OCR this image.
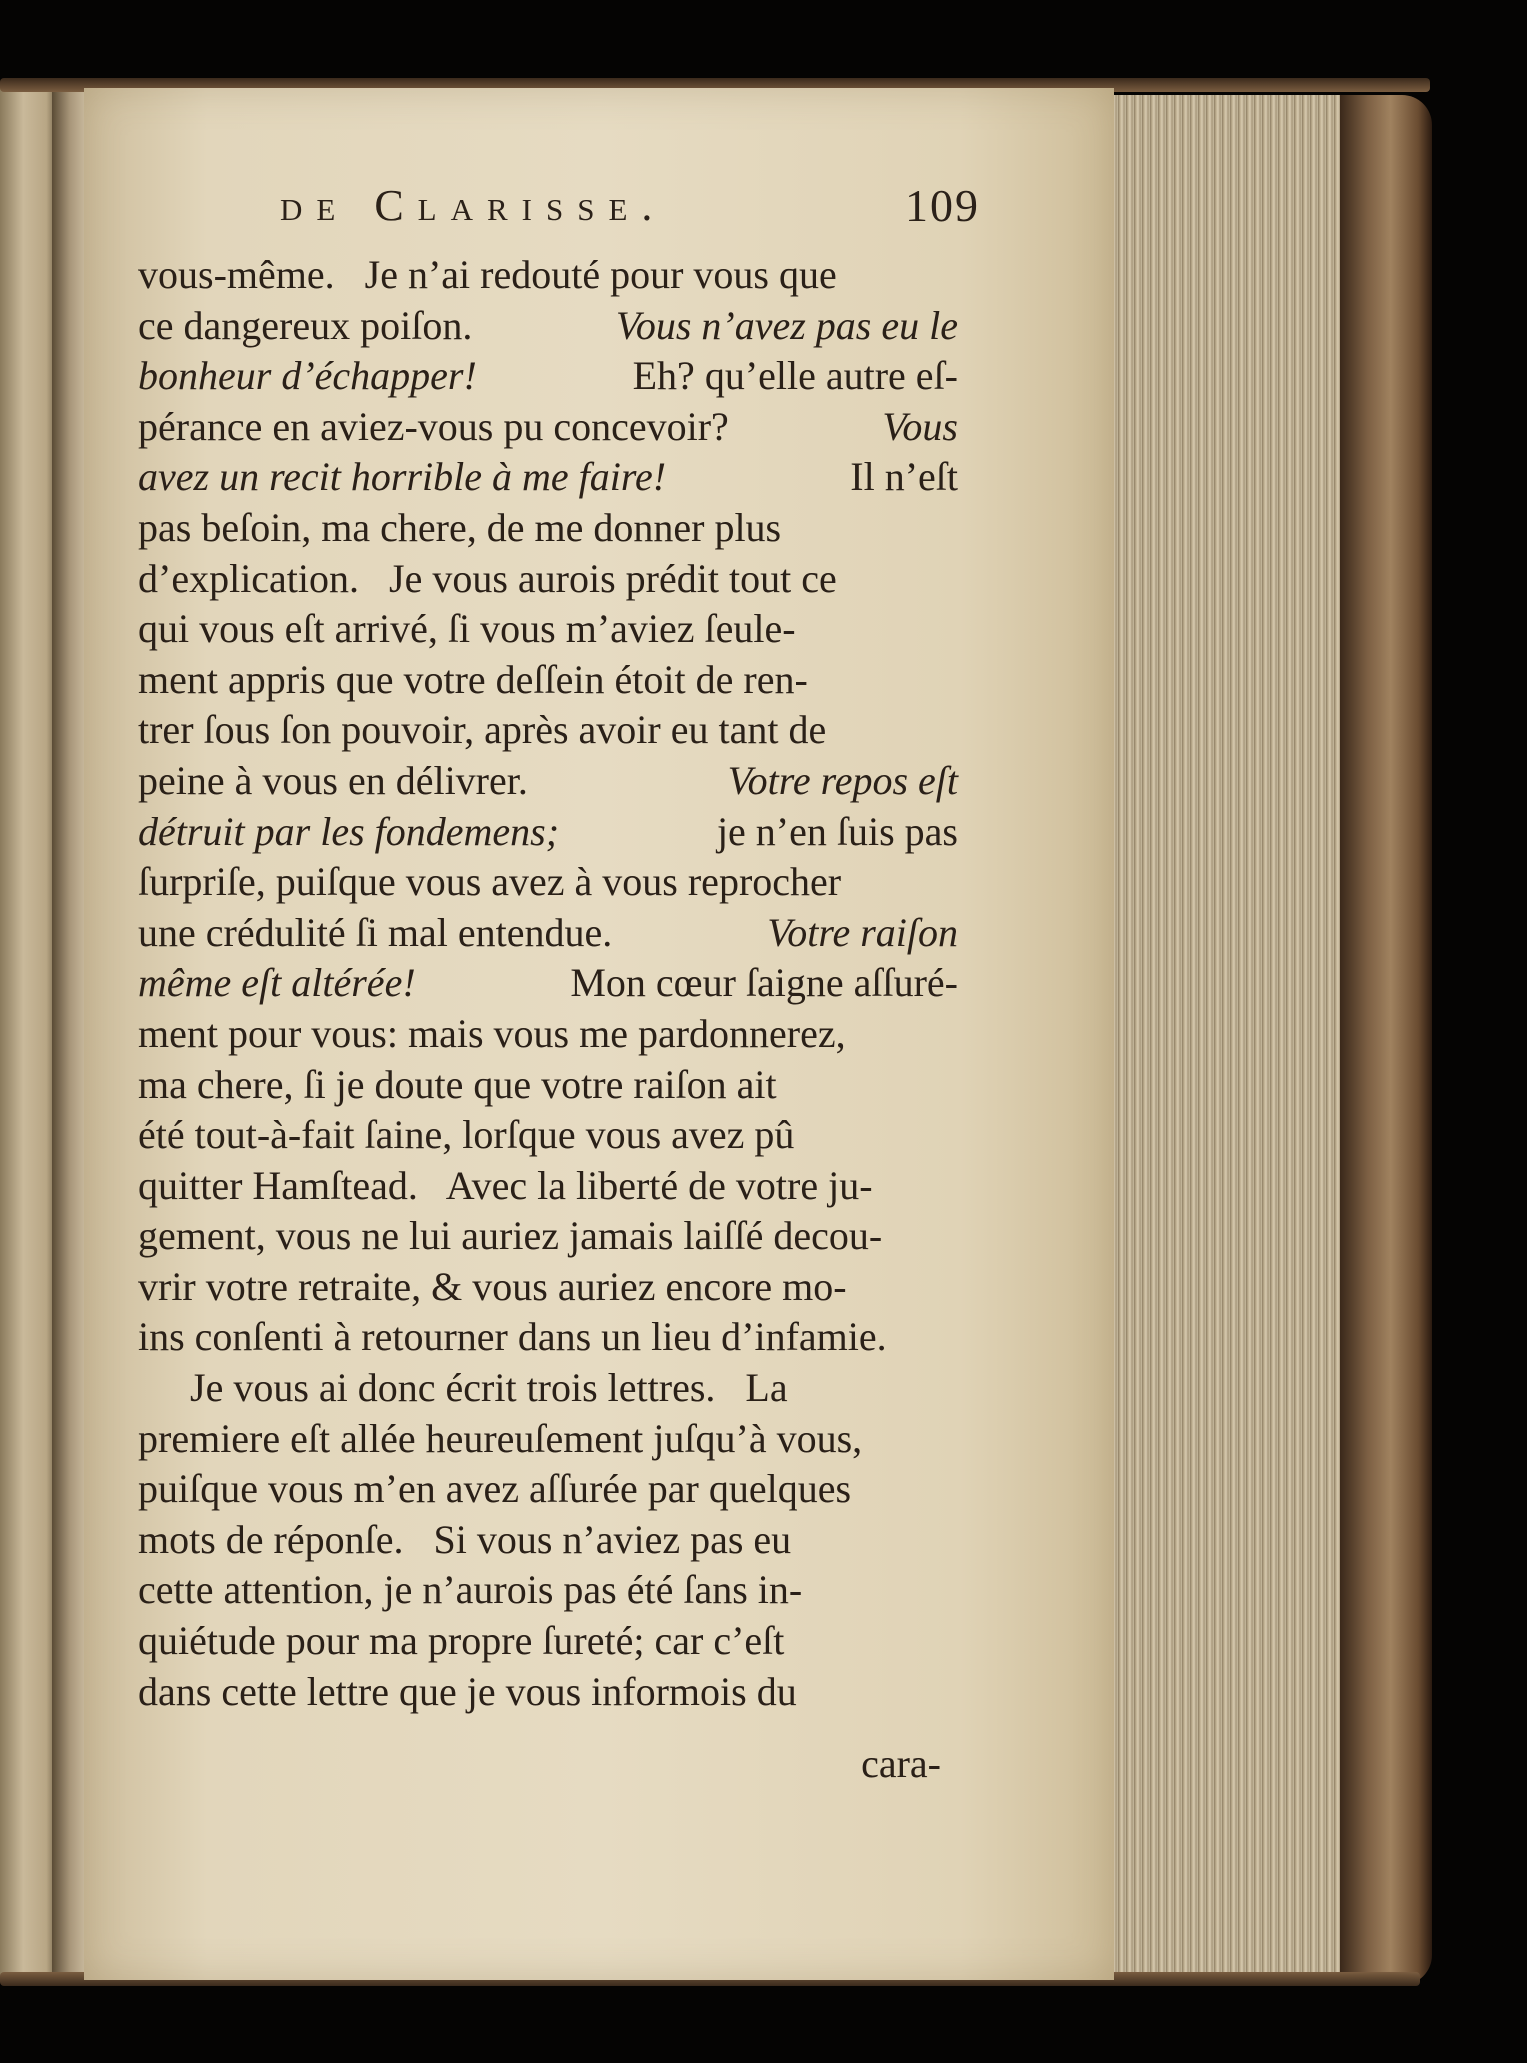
de Clarisse.	109
vous-même.   Je n’ai redouté pour vous que
ce dangereux poiſon.	Vous n’avez pas eu le
bonheur d’échapper!	Eh? qu’elle autre eſ-
pérance en aviez-vous pu concevoir?	Vous
avez un recit horrible à me faire!	Il n’eſt
pas beſoin, ma chere, de me donner plus
d’explication.   Je vous aurois prédit tout ce
qui vous eſt arrivé, ſi vous m’aviez ſeule-
ment appris que votre deſſein étoit de ren-
trer ſous ſon pouvoir, après avoir eu tant de
peine à vous en délivrer.	Votre repos eſt
détruit par les fondemens;	je n’en ſuis pas
ſurpriſe, puiſque vous avez à vous reprocher
une crédulité ſi mal entendue.	Votre raiſon
même eſt altérée!	Mon cœur ſaigne aſſuré-
ment pour vous: mais vous me pardonnerez,
ma chere, ſi je doute que votre raiſon ait
été tout-à-fait ſaine, lorſque vous avez pû
quitter Hamſtead.   Avec la liberté de votre ju-
gement, vous ne lui auriez jamais laiſſé decou-
vrir votre retraite, & vous auriez encore mo-
ins conſenti à retourner dans un lieu d’infamie.
Je vous ai donc écrit trois lettres.   La
premiere eſt allée heureuſement juſqu’à vous,
puiſque vous m’en avez aſſurée par quelques
mots de réponſe.   Si vous n’aviez pas eu
cette attention, je n’aurois pas été ſans in-
quiétude pour ma propre ſureté; car c’eſt
dans cette lettre que je vous informois du
cara-
